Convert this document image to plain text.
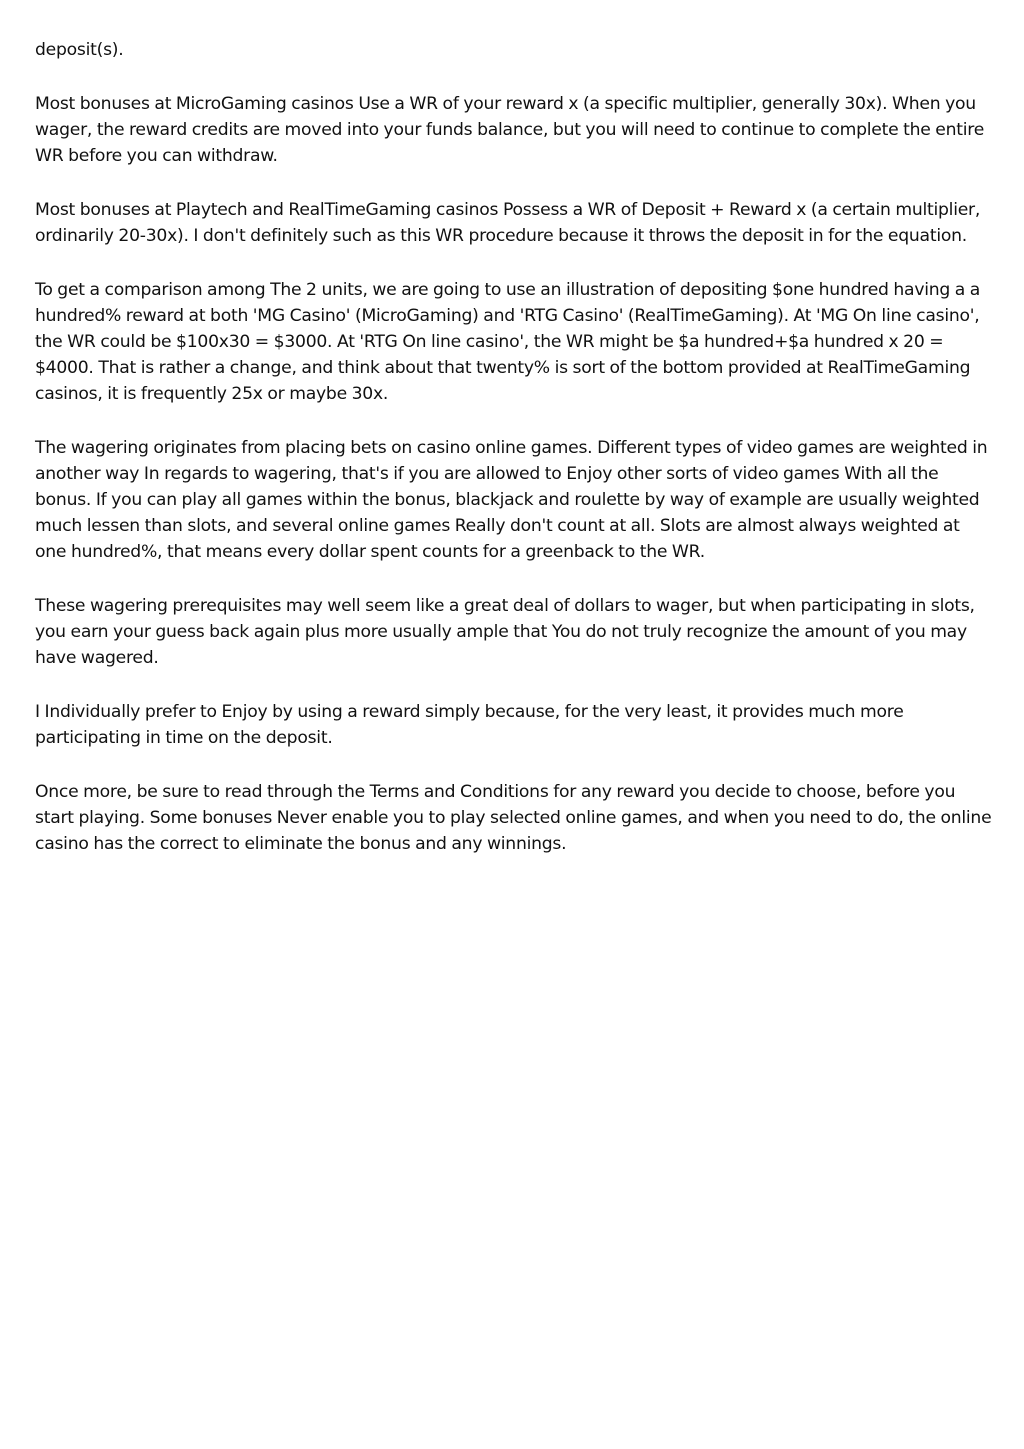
deposit(s).

Most bonuses at MicroGaming casinos Use a WR of your reward x (a specific multiplier, generally 30x). When you wager, the reward credits are moved into your funds balance, but you will need to continue to complete the entire WR before you can withdraw.

Most bonuses at Playtech and RealTimeGaming casinos Possess a WR of Deposit + Reward x (a certain multiplier, ordinarily 20-30x). I don't definitely such as this WR procedure because it throws the deposit in for the equation.

To get a comparison among The 2 units, we are going to use an illustration of depositing $one hundred having a a hundred% reward at both 'MG Casino' (MicroGaming) and 'RTG Casino' (RealTimeGaming). At 'MG On line casino', the WR could be $100x30 = $3000. At 'RTG On line casino', the WR might be $a hundred+$a hundred x 20 = $4000. That is rather a change, and think about that twenty% is sort of the bottom provided at RealTimeGaming casinos, it is frequently 25x or maybe 30x.

The wagering originates from placing bets on casino online games. Different types of video games are weighted in another way In regards to wagering, that's if you are allowed to Enjoy other sorts of video games With all the bonus. If you can play all games within the bonus, blackjack and roulette by way of example are usually weighted much lessen than slots, and several online games Really don't count at all. Slots are almost always weighted at one hundred%, that means every dollar spent counts for a greenback to the WR.

These wagering prerequisites may well seem like a great deal of dollars to wager, but when participating in slots, you earn your guess back again plus more usually ample that You do not truly recognize the amount of you may have wagered.

I Individually prefer to Enjoy by using a reward simply because, for the very least, it provides much more participating in time on the deposit.

Once more, be sure to read through the Terms and Conditions for any reward you decide to choose, before you start playing. Some bonuses Never enable you to play selected online games, and when you need to do, the online casino has the correct to eliminate the bonus and any winnings.
